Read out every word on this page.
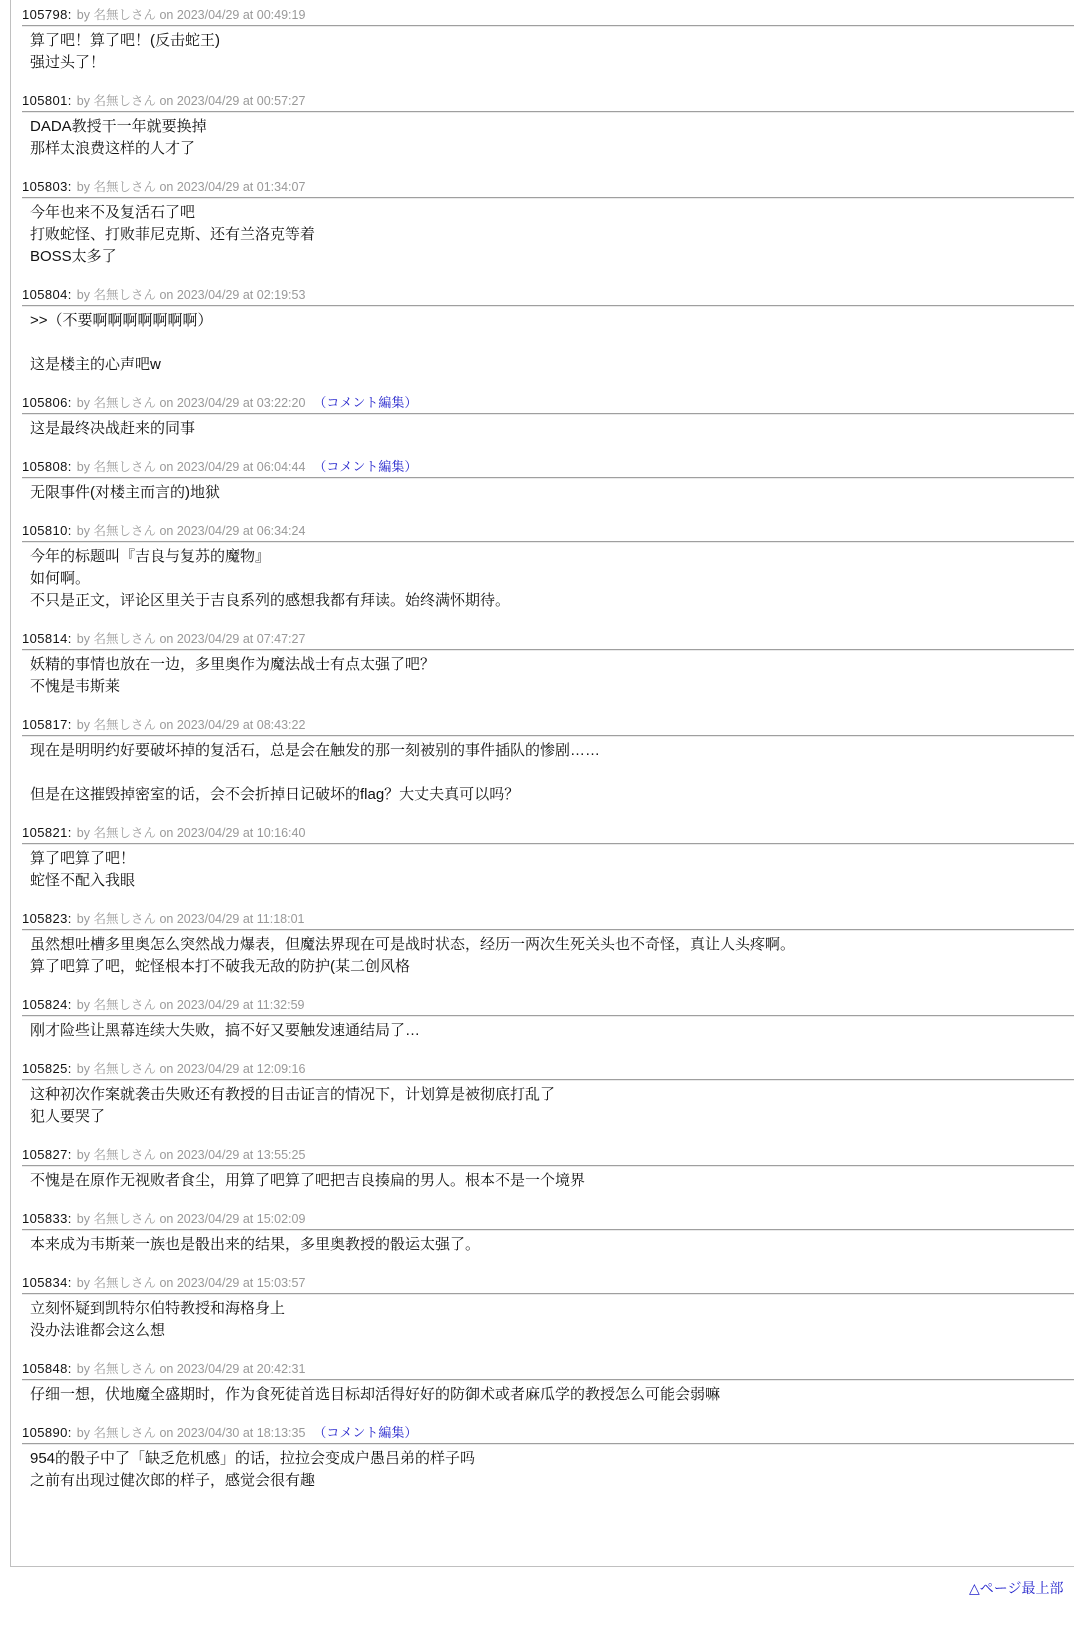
105798: by 名無しさん on 2023/04/29 at 00:49:19
算了吧！算了吧！(反击蛇王)
强过头了！
105801: by 名無しさん on 2023/04/29 at 00:57:27
DADA教授干一年就要换掉
那样太浪费这样的人才了
105803: by 名無しさん on 2023/04/29 at 01:34:07
今年也来不及复活石了吧
打败蛇怪、打败菲尼克斯、还有兰洛克等着
BOSS太多了
105804: by 名無しさん on 2023/04/29 at 02:19:53
>>（不要啊啊啊啊啊啊啊）

这是楼主的心声吧w
105806: by 名無しさん on 2023/04/29 at 03:22:20 （コメント編集）
这是最终决战赶来的同事
105808: by 名無しさん on 2023/04/29 at 06:04:44 （コメント編集）
无限事件(对楼主而言的)地狱
105810: by 名無しさん on 2023/04/29 at 06:34:24
今年的标题叫『吉良与复苏的魔物』
如何啊。
不只是正文，评论区里关于吉良系列的感想我都有拜读。始终满怀期待。
105814: by 名無しさん on 2023/04/29 at 07:47:27
妖精的事情也放在一边，多里奥作为魔法战士有点太强了吧？
不愧是韦斯莱
105817: by 名無しさん on 2023/04/29 at 08:43:22
现在是明明约好要破坏掉的复活石，总是会在触发的那一刻被别的事件插队的惨剧……

但是在这摧毁掉密室的话，会不会折掉日记破坏的flag？大丈夫真可以吗？
105821: by 名無しさん on 2023/04/29 at 10:16:40
算了吧算了吧！
蛇怪不配入我眼
105823: by 名無しさん on 2023/04/29 at 11:18:01
虽然想吐槽多里奥怎么突然战力爆表，但魔法界现在可是战时状态，经历一两次生死关头也不奇怪，真让人头疼啊。
算了吧算了吧，蛇怪根本打不破我无敌的防护(某二创风格
105824: by 名無しさん on 2023/04/29 at 11:32:59
刚才险些让黑幕连续大失败，搞不好又要触发速通结局了…
105825: by 名無しさん on 2023/04/29 at 12:09:16
这种初次作案就袭击失败还有教授的目击证言的情况下，计划算是被彻底打乱了
犯人要哭了
105827: by 名無しさん on 2023/04/29 at 13:55:25
不愧是在原作无视败者食尘，用算了吧算了吧把吉良揍扁的男人。根本不是一个境界
105833: by 名無しさん on 2023/04/29 at 15:02:09
本来成为韦斯莱一族也是骰出来的结果，多里奥教授的骰运太强了。
105834: by 名無しさん on 2023/04/29 at 15:03:57
立刻怀疑到凯特尔伯特教授和海格身上
没办法谁都会这么想
105848: by 名無しさん on 2023/04/29 at 20:42:31
仔细一想，伏地魔全盛期时，作为食死徒首选目标却活得好好的防御术或者麻瓜学的教授怎么可能会弱嘛
105890: by 名無しさん on 2023/04/30 at 18:13:35 （コメント編集）
954的骰子中了「缺乏危机感」的话，拉拉会变成户愚吕弟的样子吗
之前有出现过健次郎的样子，感觉会很有趣
△ページ最上部
